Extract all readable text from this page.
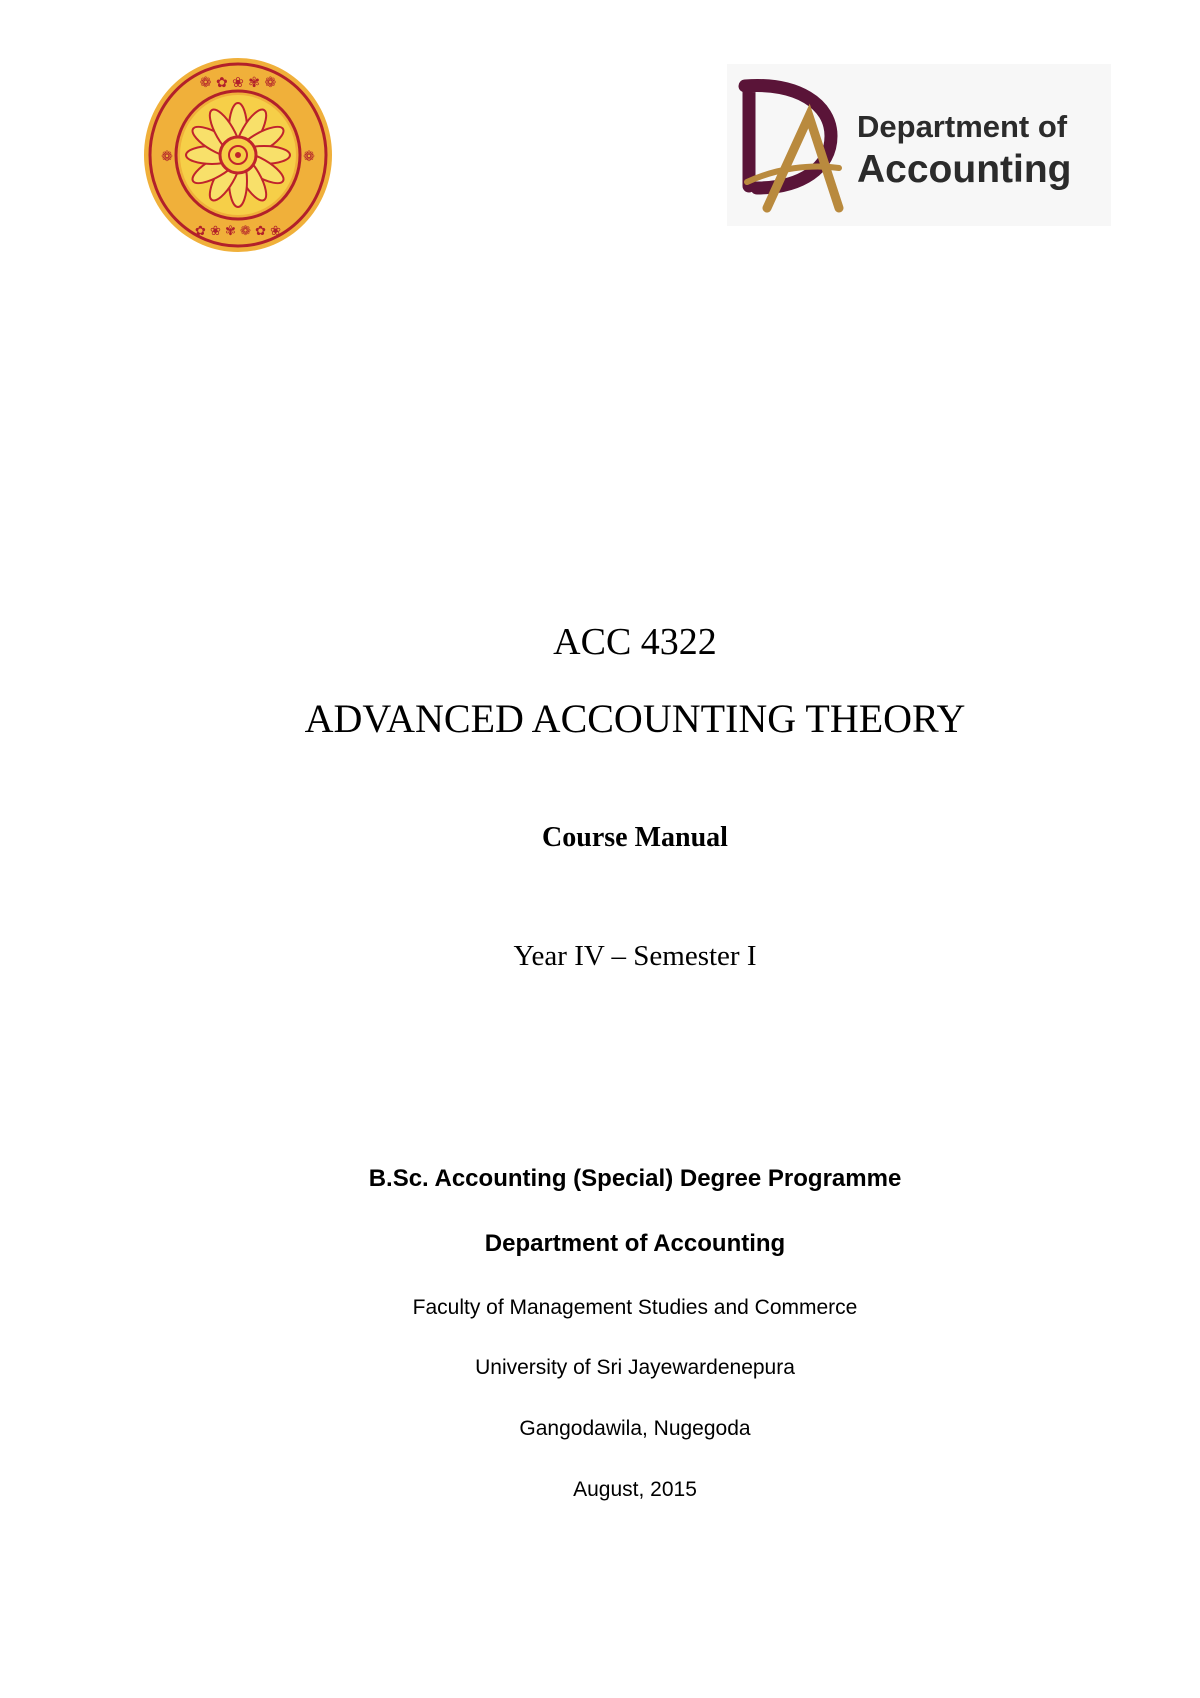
❁ ✿ ❀ ✾ ❁
✿ ❀ ✾ ❁ ✿ ❀
❁	❁
Department of
Accounting
ACC 4322
ADVANCED ACCOUNTING THEORY
Course Manual
Year IV – Semester I
B.Sc. Accounting (Special) Degree Programme
Department of Accounting
Faculty of Management Studies and Commerce
University of Sri Jayewardenepura
Gangodawila, Nugegoda
August, 2015
